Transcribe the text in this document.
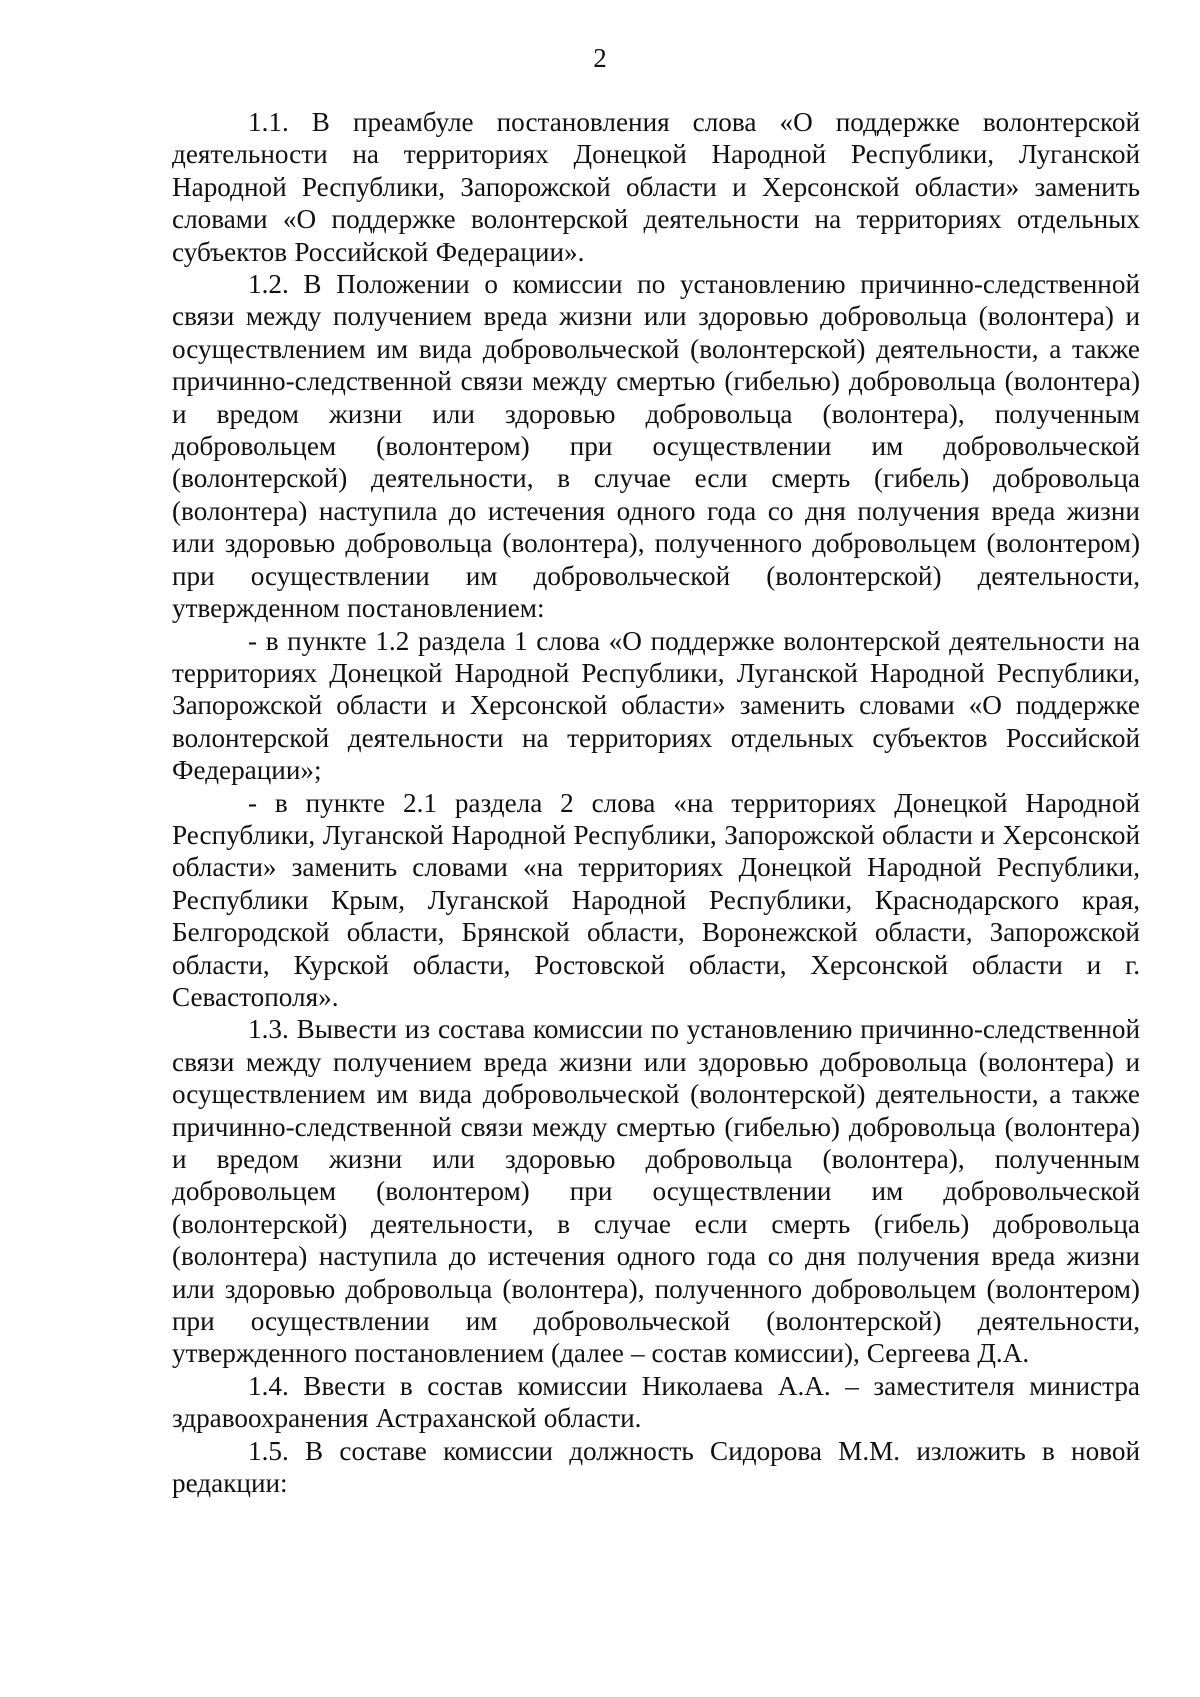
2

1.1. В преамбуле постановления слова «О поддержке волонтерской деятельности на территориях Донецкой Народной Республики, Луганской Народной Республики, Запорожской области и Херсонской области» заменить словами «О поддержке волонтерской деятельности на территориях отдельных субъектов Российской Федерации».

1.2. В Положении о комиссии по установлению причинно-следственной связи между получением вреда жизни или здоровью добровольца (волонтера) и осуществлением им вида добровольческой (волонтерской) деятельности, а также причинно-следственной связи между смертью (гибелью) добровольца (волонтера) и вредом жизни или здоровью добровольца (волонтера), полученным добровольцем (волонтером) при осуществлении им добровольческой (волонтерской) деятельности, в случае если смерть (гибель) добровольца (волонтера) наступила до истечения одного года со дня получения вреда жизни или здоровью добровольца (волонтера), полученного добровольцем (волонтером) при осуществлении им добровольческой (волонтерской) деятельности, утвержденном постановлением:

- в пункте 1.2 раздела 1 слова «О поддержке волонтерской деятельности на территориях Донецкой Народной Республики, Луганской Народной Республики, Запорожской области и Херсонской области» заменить словами «О поддержке волонтерской деятельности на территориях отдельных субъектов Российской Федерации»;

- в пункте 2.1 раздела 2 слова «на территориях Донецкой Народной Республики, Луганской Народной Республики, Запорожской области и Херсонской области» заменить словами «на территориях Донецкой Народной Республики, Республики Крым, Луганской Народной Республики, Краснодарского края, Белгородской области, Брянской области, Воронежской области, Запорожской области, Курской области, Ростовской области, Херсонской области и г. Севастополя».

1.3. Вывести из состава комиссии по установлению причинно-следственной связи между получением вреда жизни или здоровью добровольца (волонтера) и осуществлением им вида добровольческой (волонтерской) деятельности, а также причинно-следственной связи между смертью (гибелью) добровольца (волонтера) и вредом жизни или здоровью добровольца (волонтера), полученным добровольцем (волонтером) при осуществлении им добровольческой (волонтерской) деятельности, в случае если смерть (гибель) добровольца (волонтера) наступила до истечения одного года со дня получения вреда жизни или здоровью добровольца (волонтера), полученного добровольцем (волонтером) при осуществлении им добровольческой (волонтерской) деятельности, утвержденного постановлением (далее – состав комиссии), Сергеева Д.А.

1.4. Ввести в состав комиссии Николаева А.А. – заместителя министра здравоохранения Астраханской области.

1.5. В составе комиссии должность Сидорова М.М. изложить в новой редакции:
